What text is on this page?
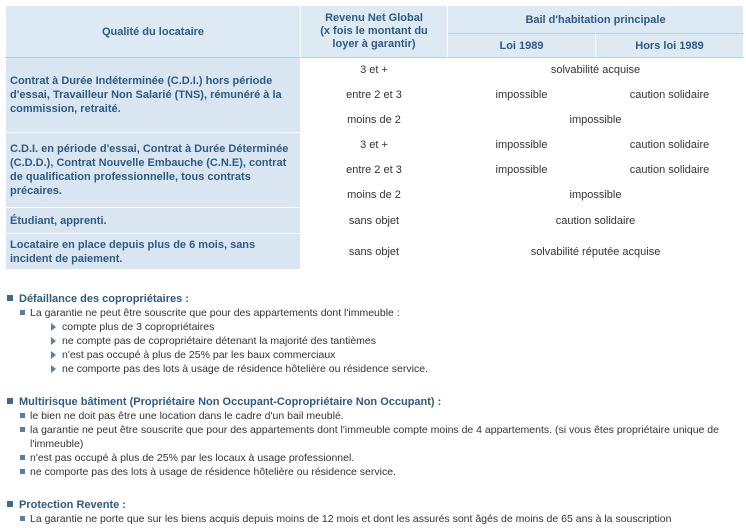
Qualité du locataire	Revenu Net Global
(x fois le montant du
loyer à garantir)	Bail d'habitation principale	
		Loi 1989	Hors loi 1989
Contrat à Durée Indéterminée (C.D.I.) hors période d'essai, Travailleur Non Salarié (TNS), rémunéré à la commission, retraité.	3 et +	solvabilité acquise	
	entre 2 et 3	impossible	caution solidaire
	moins de 2	impossible	
C.D.I. en période d'essai, Contrat à Durée Déterminée (C.D.D.), Contrat Nouvelle Embauche (C.N.E), contrat de qualification professionnelle, tous contrats précaires.	3 et +	impossible	caution solidaire
	entre 2 et 3	impossible	caution solidaire
	moins de 2	impossible	
Étudiant, apprenti.	sans objet	caution solidaire	
Locataire en place depuis plus de 6 mois, sans incident de paiement.	sans objet	solvabilité réputée acquise	
Défaillance des copropriétaires :
La garantie ne peut être souscrite que pour des appartements dont l'immeuble :
compte plus de 3 copropriétaires
ne compte pas de copropriétaire détenant la majorité des tantièmes
n'est pas occupé à plus de 25% par les baux commerciaux
ne comporte pas des lots à usage de résidence hôtelière ou résidence service.
Multirisque bâtiment (Propriétaire Non Occupant-Copropriétaire Non Occupant) :
le bien ne doit pas être une location dans le cadre d'un bail meublé.
la garantie ne peut être souscrite que pour des appartements dont l'immeuble compte moins de 4 appartements. (si vous êtes propriétaire unique de l'immeuble)
n'est pas occupé à plus de 25% par les locaux à usage professionnel.
ne comporte pas des lots à usage de résidence hôtelière ou résidence service.
Protection Revente :
La garantie ne porte que sur les biens acquis depuis moins de 12 mois et dont les assurés sont âgés de moins de 65 ans à la souscription
